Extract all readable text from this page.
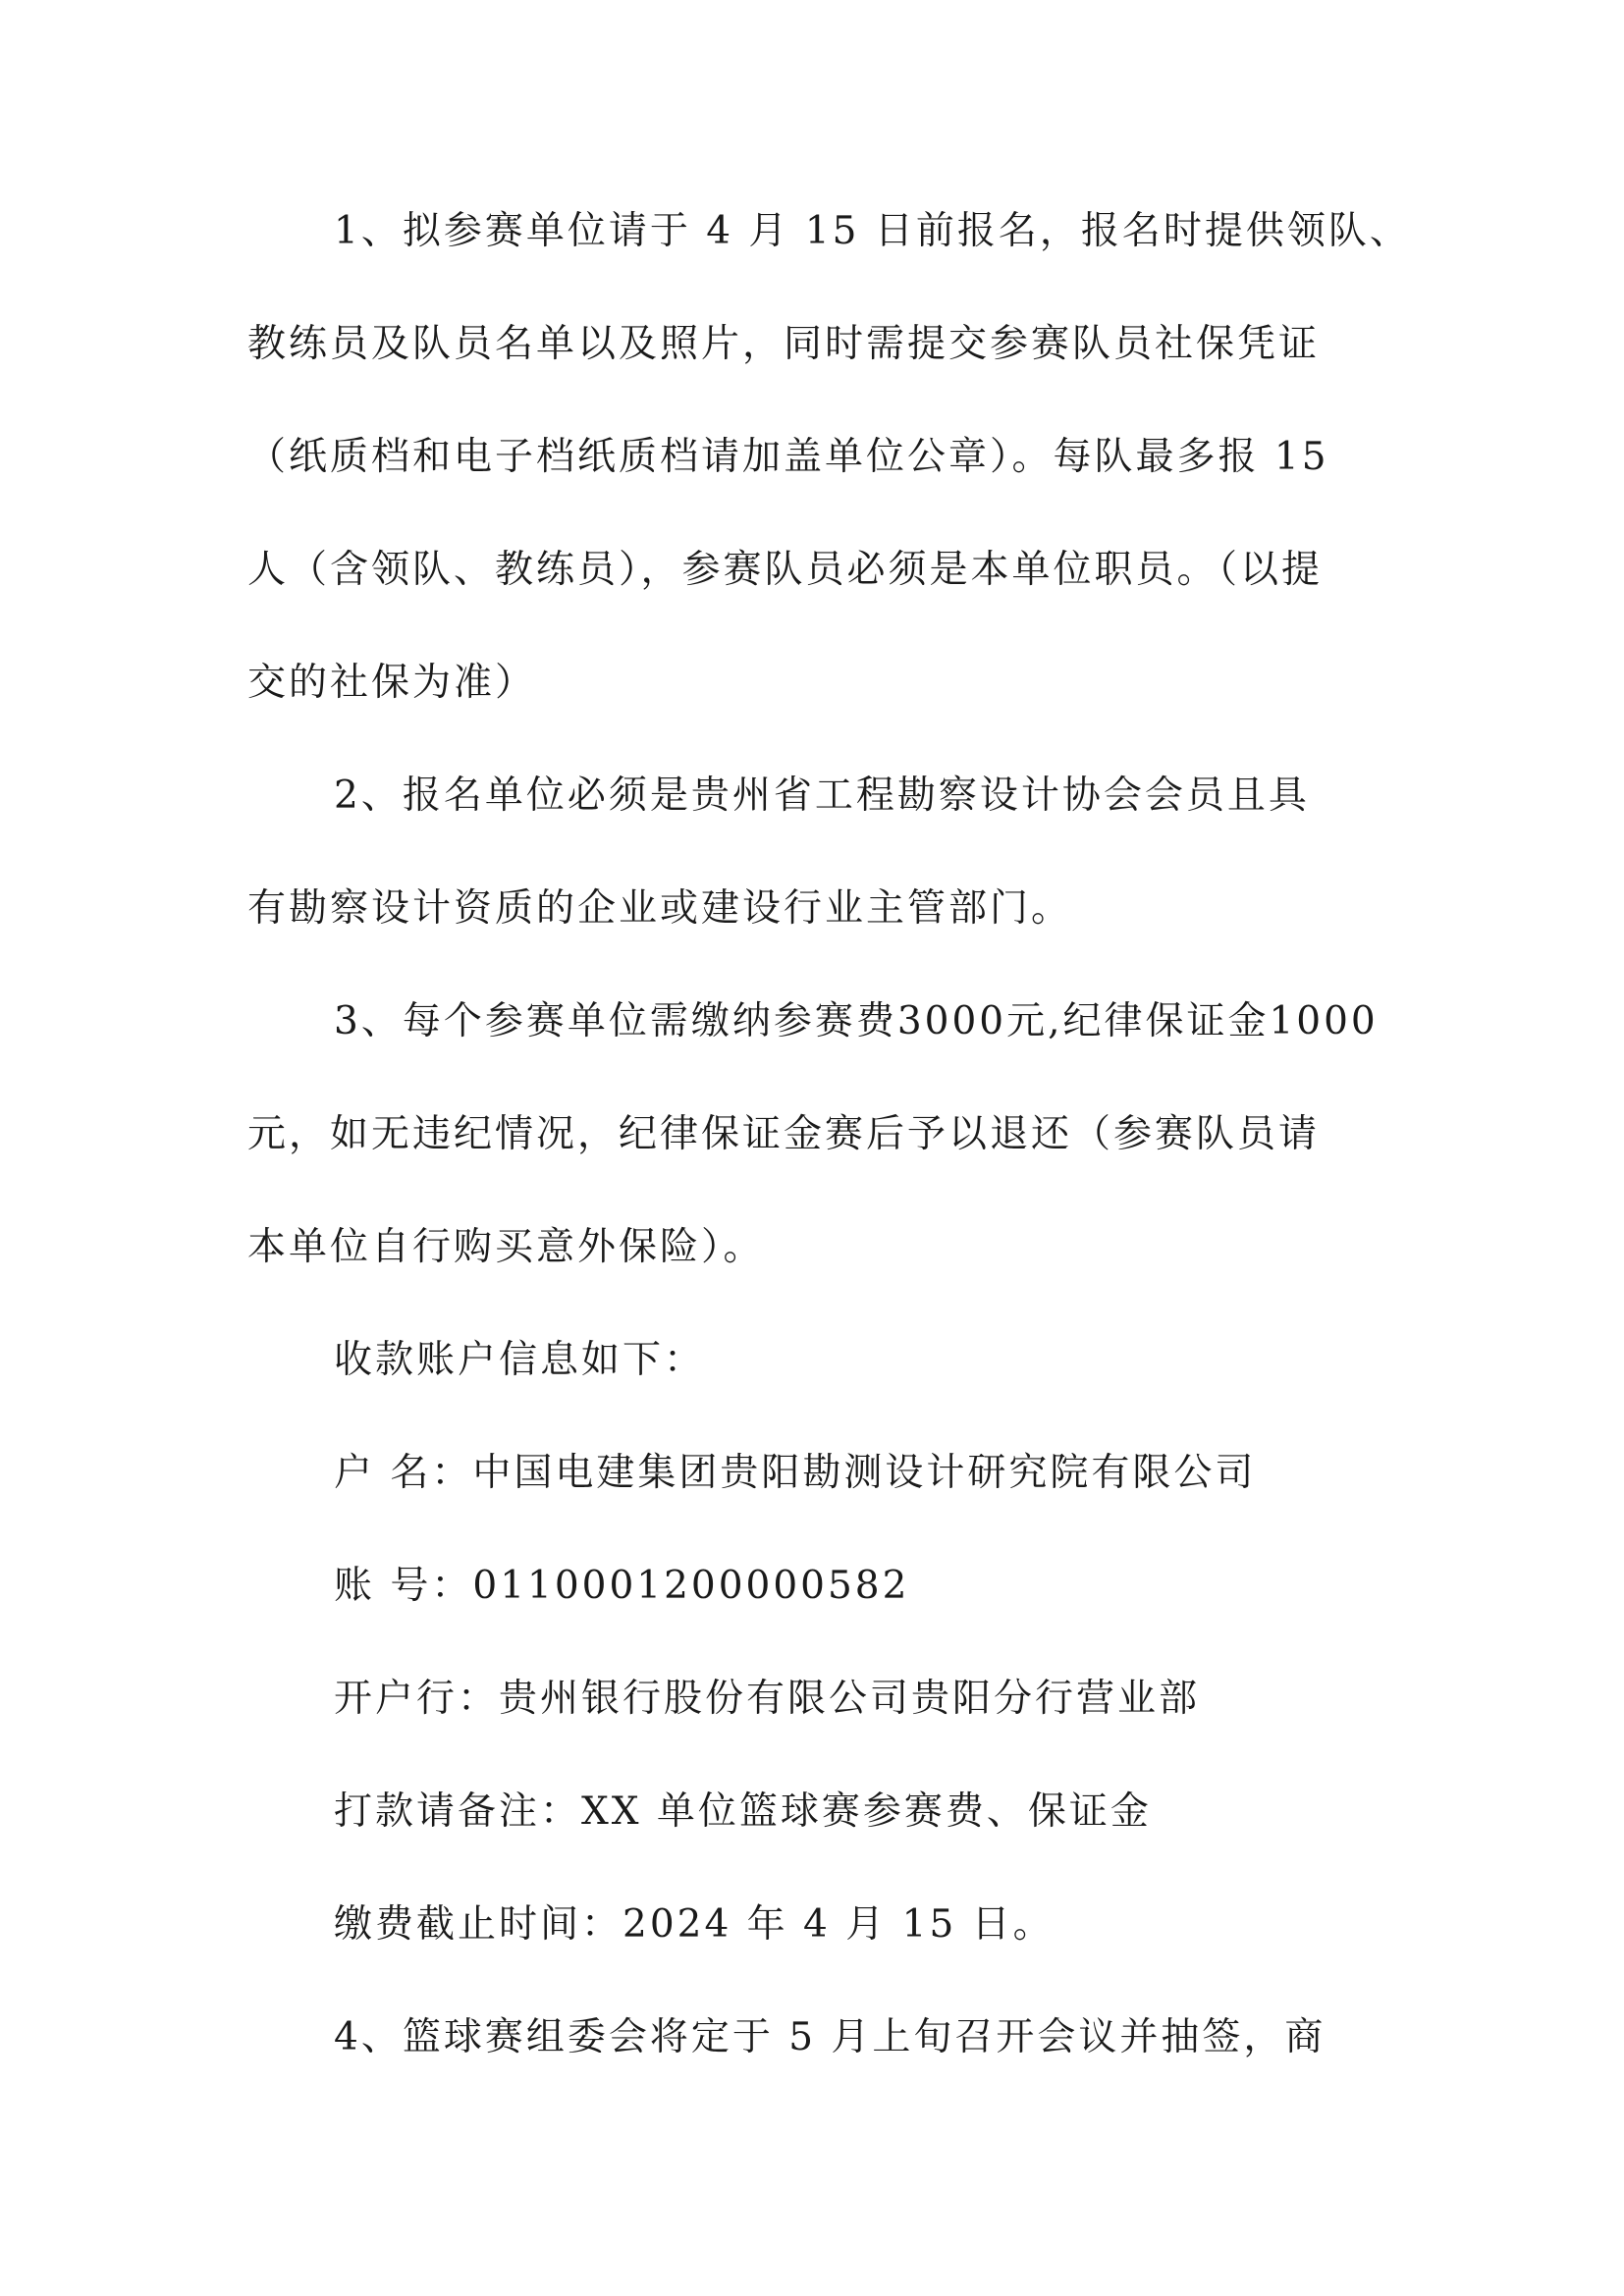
1、拟参赛单位请于 4 月 15 日前报名，报名时提供领队、
教练员及队员名单以及照片，同时需提交参赛队员社保凭证
（纸质档和电子档纸质档请加盖单位公章）。每队最多报 15
人（含领队、教练员），参赛队员必须是本单位职员。（以提
交的社保为准）
2、报名单位必须是贵州省工程勘察设计协会会员且具
有勘察设计资质的企业或建设行业主管部门。
3、每个参赛单位需缴纳参赛费3000元,纪律保证金1000
元，如无违纪情况，纪律保证金赛后予以退还（参赛队员请
本单位自行购买意外保险）。
收款账户信息如下：
户 名：中国电建集团贵阳勘测设计研究院有限公司
账 号：0110001200000582
开户行：贵州银行股份有限公司贵阳分行营业部
打款请备注：XX 单位篮球赛参赛费、保证金
缴费截止时间：2024 年 4 月 15 日。
4、篮球赛组委会将定于 5 月上旬召开会议并抽签，商
